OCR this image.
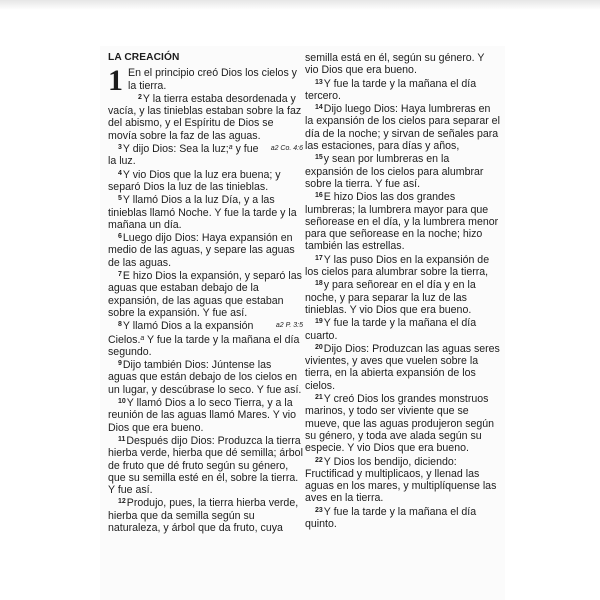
LA CREACIÓN

1 En el principio creó Dios los cielos y la tierra.

$^2$Y la tierra estaba desordenada y vacía, y las tinieblas estaban sobre la faz del abismo, y el Espíritu de Dios se movía sobre la faz de las aguas.

a2 Co. 4:6
$^3$Y dijo Dios: Sea la luz;$^a$ y fue la luz.

$^4$Y vio Dios que la luz era buena; y separó Dios la luz de las tinieblas.

$^5$Y llamó Dios a la luz Día, y a las tinieblas llamó Noche. Y fue la tarde y la mañana un día.

$^6$Luego dijo Dios: Haya expansión en medio de las aguas, y separe las aguas de las aguas.

$^7$E hizo Dios la expansión, y separó las aguas que estaban debajo de la expansión, de las aguas que estaban sobre la expansión. Y fue así.

a2 P. 3:5
$^8$Y llamó Dios a la expansión Cielos.$^a$ Y fue la tarde y la mañana el día segundo.

$^9$Dijo también Dios: Júntense las aguas que están debajo de los cielos en un lugar, y descúbrase lo seco. Y fue así.

$^{10}$Y llamó Dios a lo seco Tierra, y a la reunión de las aguas llamó Mares. Y vio Dios que era bueno.

$^{11}$Después dijo Dios: Produzca la tierra hierba verde, hierba que dé semilla; árbol de fruto que dé fruto según su género, que su semilla esté en él, sobre la tierra. Y fue así.

$^{12}$Produjo, pues, la tierra hierba verde, hierba que da semilla según su naturaleza, y árbol que da fruto, cuya

semilla está en él, según su género. Y vio Dios que era bueno.

$^{13}$Y fue la tarde y la mañana el día tercero.

$^{14}$Dijo luego Dios: Haya lumbreras en la expansión de los cielos para separar el día de la noche; y sirvan de señales para las estaciones, para días y años,

$^{15}$y sean por lumbreras en la expansión de los cielos para alumbrar sobre la tierra. Y fue así.

$^{16}$E hizo Dios las dos grandes lumbreras; la lumbrera mayor para que señorease en el día, y la lumbrera menor para que señorease en la noche; hizo también las estrellas.

$^{17}$Y las puso Dios en la expansión de los cielos para alumbrar sobre la tierra,

$^{18}$y para señorear en el día y en la noche, y para separar la luz de las tinieblas. Y vio Dios que era bueno.

$^{19}$Y fue la tarde y la mañana el día cuarto.

$^{20}$Dijo Dios: Produzcan las aguas seres vivientes, y aves que vuelen sobre la tierra, en la abierta expansión de los cielos.

$^{21}$Y creó Dios los grandes monstruos marinos, y todo ser viviente que se mueve, que las aguas produjeron según su género, y toda ave alada según su especie. Y vio Dios que era bueno.

$^{22}$Y Dios los bendijo, diciendo: Fructificad y multiplicaos, y llenad las aguas en los mares, y multiplíquense las aves en la tierra.

$^{23}$Y fue la tarde y la mañana el día quinto.
